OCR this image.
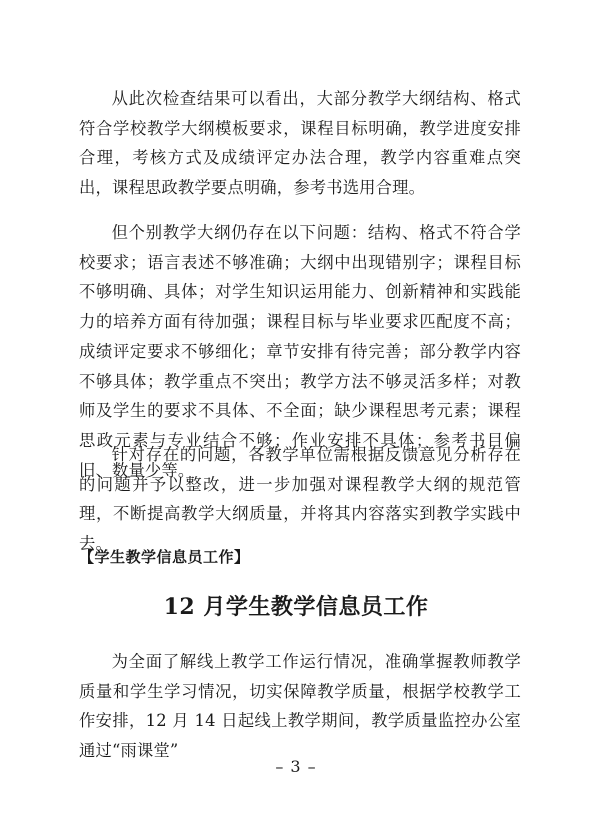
从此次检查结果可以看出，大部分教学大纲结构、格式符合学校教学大纲模板要求，课程目标明确，教学进度安排合理，考核方式及成绩评定办法合理，教学内容重难点突出，课程思政教学要点明确，参考书选用合理。

但个别教学大纲仍存在以下问题：结构、格式不符合学校要求；语言表述不够准确；大纲中出现错别字；课程目标不够明确、具体；对学生知识运用能力、创新精神和实践能力的培养方面有待加强；课程目标与毕业要求匹配度不高；成绩评定要求不够细化；章节安排有待完善；部分教学内容不够具体；教学重点不突出；教学方法不够灵活多样；对教师及学生的要求不具体、不全面；缺少课程思考元素；课程思政元素与专业结合不够；作业安排不具体；参考书目偏旧、数量少等。

针对存在的问题，各教学单位需根据反馈意见分析存在的问题并予以整改，进一步加强对课程教学大纲的规范管理，不断提高教学大纲质量，并将其内容落实到教学实践中去。

【学生教学信息员工作】
12 月学生教学信息员工作

为全面了解线上教学工作运行情况，准确掌握教师教学质量和学生学习情况，切实保障教学质量，根据学校教学工作安排，12 月 14 日起线上教学期间，教学质量监控办公室通过“雨课堂”

– 3 –
